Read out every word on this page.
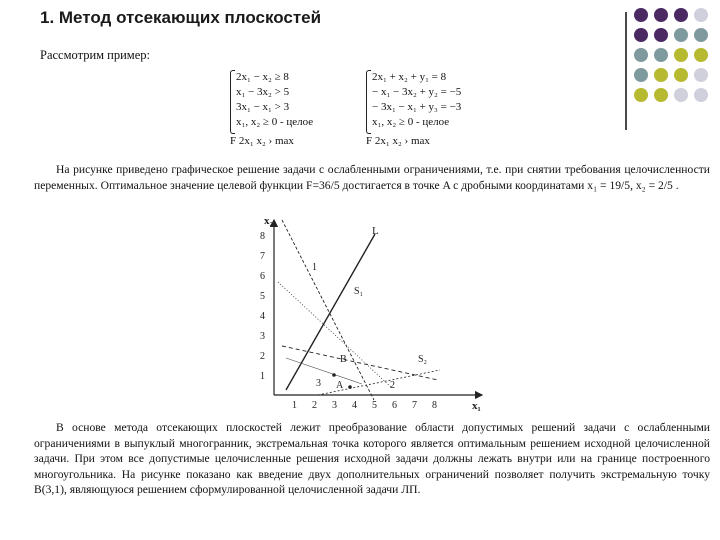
1. Метод отсекающих плоскостей
Рассмотрим пример:
2x₁ − x₂ ≥ 8
x₁ − 3x₂ > 5
3x₁ − x₁ > 3
x₁, x₂ ≥ 0 - целое
F 2x₁ x₂ › max
2x₁ + x₂ + y₁ = 8
− x₁ − 3x₂ + y₂ = −5
− 3x₁ − x₁ + y₃ = −3
x₁, x₂ ≥ 0 - целое
F 2x₁ x₂ › max

На рисунке приведено графическое решение задачи с ослабленными ограничениями, т.е. при снятии требования целочисленности переменных. Оптимальное значение целевой функции F=36/5 достигается в точке A с дробными координатами x₁ = 19/5, x₂ = 2/5 .

x₂
x₁
1 2 3 4 5 6 7 8
1
2
3
4
5
6
7
8	L
S₁
S₂
B
A
1
2
3

В основе метода отсекающих плоскостей лежит преобразование области допустимых решений задачи с ослабленными ограничениями в выпуклый многогранник, экстремальная точка которого является оптимальным решением исходной целочисленной задачи. При этом все допустимые целочисленные решения исходной задачи должны лежать внутри или на границе построенного многоугольника. На рисунке показано как введение двух дополнительных ограничений позволяет получить экстремальную точку B(3,1), являющуюся решением сформулированной целочисленной задачи ЛП.
